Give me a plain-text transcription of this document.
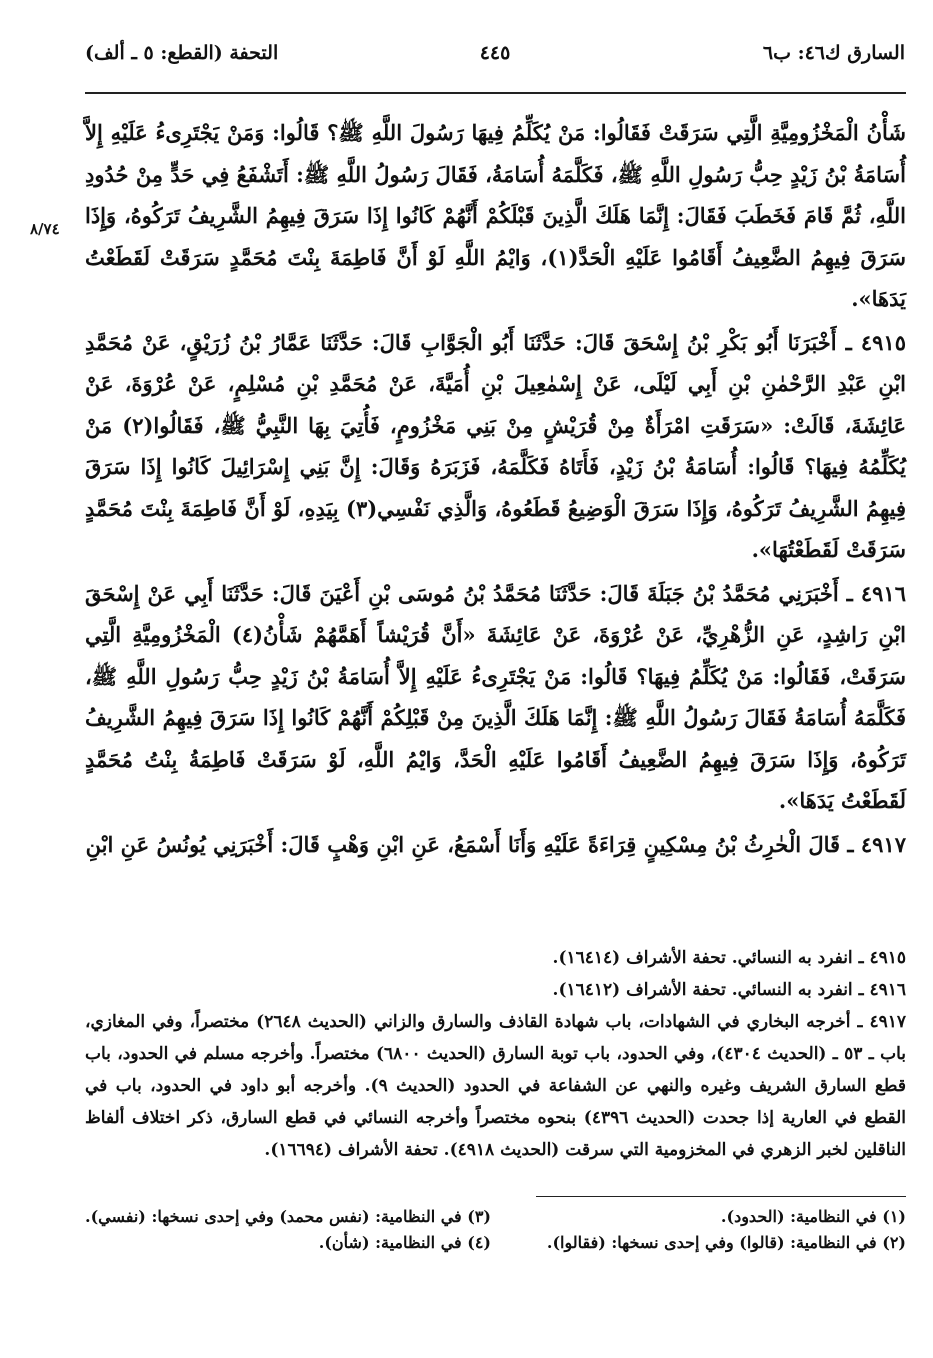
السارق ك٤٦: ب٦
٤٤٥
التحفة (القطع: ٥ ـ ألف)
٨/٧٤

شَأْنُ الْمَخْزُومِيَّةِ الَّتِي سَرَقَتْ فَقَالُوا: مَنْ يُكَلِّمُ فِيهَا رَسُولَ اللَّهِ ﷺ؟ قَالُوا: وَمَنْ يَجْتَرِىءُ عَلَيْهِ إِلاَّ أُسَامَةُ بْنُ زَيْدٍ حِبُّ رَسُولِ اللَّهِ ﷺ، فَكَلَّمَهُ أُسَامَةُ، فَقَالَ رَسُولُ اللَّهِ ﷺ: أَتَشْفَعُ فِي حَدٍّ مِنْ حُدُودِ اللَّهِ، ثُمَّ قَامَ فَخَطَبَ فَقَالَ: إِنَّمَا هَلَكَ الَّذِينَ قَبْلَكُمْ أَنَّهُمْ كَانُوا إِذَا سَرَقَ فِيهِمُ الشَّرِيفُ تَرَكُوهُ، وَإِذَا سَرَقَ فِيهِمُ الضَّعِيفُ أَقَامُوا عَلَيْهِ الْحَدَّ(١)، وَايْمُ اللَّهِ لَوْ أَنَّ فَاطِمَةَ بِنْتَ مُحَمَّدٍ سَرَقَتْ لَقَطَعْتُ يَدَهَا».

٤٩١٥ ـ أَخْبَرَنَا أَبُو بَكْرِ بْنُ إِسْحَقَ قَالَ: حَدَّثَنَا أَبُو الْجَوَّابِ قَالَ: حَدَّثَنَا عَمَّارُ بْنُ زُرَيْقٍ، عَنْ مُحَمَّدِ ابْنِ عَبْدِ الرَّحْمٰنِ بْنِ أَبِي لَيْلَى، عَنْ إِسْمٰعِيلَ بْنِ أُمَيَّةَ، عَنْ مُحَمَّدِ بْنِ مُسْلِمٍ، عَنْ عُرْوَةَ، عَنْ عَائِشَةَ، قَالَتْ: «سَرَقَتِ امْرَأَةٌ مِنْ قُرَيْشٍ مِنْ بَنِي مَخْزُومٍ، فَأُتِيَ بِهَا النَّبِيُّ ﷺ، فَقَالُوا(٢) مَنْ يُكَلِّمُهُ فِيهَا؟ قَالُوا: أُسَامَةُ بْنُ زَيْدٍ، فَأَتَاهُ فَكَلَّمَهُ، فَزَبَرَهُ وَقَالَ: إِنَّ بَنِي إِسْرَائِيلَ كَانُوا إِذَا سَرَقَ فِيهِمُ الشَّرِيفُ تَرَكُوهُ، وَإِذَا سَرَقَ الْوَضِيعُ قَطَعُوهُ، وَالَّذِي نَفْسِي(٣) بِيَدِهِ، لَوْ أَنَّ فَاطِمَةَ بِنْتَ مُحَمَّدٍ سَرَقَتْ لَقَطَعْتُهَا».

٤٩١٦ ـ أَخْبَرَنِي مُحَمَّدُ بْنُ جَبَلَةَ قَالَ: حَدَّثَنَا مُحَمَّدُ بْنُ مُوسَى بْنِ أَعْيَنَ قَالَ: حَدَّثَنَا أَبِي عَنْ إِسْحَقَ ابْنِ رَاشِدٍ، عَنِ الزُّهْرِيِّ، عَنْ عُرْوَةَ، عَنْ عَائِشَةَ «أَنَّ قُرَيْشاً أَهَمَّهُمْ شَأْنُ(٤) الْمَخْزُومِيَّةِ الَّتِي سَرَقَتْ، فَقَالُوا: مَنْ يُكَلِّمُ فِيهَا؟ قَالُوا: مَنْ يَجْتَرِىءُ عَلَيْهِ إِلاَّ أُسَامَةُ بْنُ زَيْدٍ حِبُّ رَسُولِ اللَّهِ ﷺ، فَكَلَّمَهُ أُسَامَةُ فَقَالَ رَسُولُ اللَّهِ ﷺ: إِنَّمَا هَلَكَ الَّذِينَ مِنْ قَبْلِكُمْ أَنَّهُمْ كَانُوا إِذَا سَرَقَ فِيهِمُ الشَّرِيفُ تَرَكُوهُ، وَإِذَا سَرَقَ فِيهِمُ الضَّعِيفُ أَقَامُوا عَلَيْهِ الْحَدَّ، وَايْمُ اللَّهِ، لَوْ سَرَقَتْ فَاطِمَةُ بِنْتُ مُحَمَّدٍ لَقَطَعْتُ يَدَهَا».

٤٩١٧ ـ قَالَ الْحٰرِثُ بْنُ مِسْكِينٍ قِرَاءَةً عَلَيْهِ وَأَنَا أَسْمَعُ، عَنِ ابْنِ وَهْبٍ قَالَ: أَخْبَرَنِي يُونُسُ عَنِ ابْنِ

٤٩١٥ ـ انفرد به النسائي. تحفة الأشراف (١٦٤١٤).

٤٩١٦ ـ انفرد به النسائي. تحفة الأشراف (١٦٤١٢).

٤٩١٧ ـ أخرجه البخاري في الشهادات، باب شهادة القاذف والسارق والزاني (الحديث ٢٦٤٨) مختصراً، وفي المغازي، باب ـ ٥٣ ـ (الحديث ٤٣٠٤)، وفي الحدود، باب توبة السارق (الحديث ٦٨٠٠) مختصراً. وأخرجه مسلم في الحدود، باب قطع السارق الشريف وغيره والنهي عن الشفاعة في الحدود (الحديث ٩). وأخرجه أبو داود في الحدود، باب في القطع في العارية إذا جحدت (الحديث ٤٣٩٦) بنحوه مختصراً وأخرجه النسائي في قطع السارق، ذكر اختلاف ألفاظ الناقلين لخبر الزهري في المخزومية التي سرقت (الحديث ٤٩١٨). تحفة الأشراف (١٦٦٩٤).

(١) في النظامية: (الحدود).
(٣) في النظامية: (نفس محمد) وفي إحدى نسخها: (نفسي).
(٢) في النظامية: (قالوا) وفي إحدى نسخها: (فقالوا).
(٤) في النظامية: (شأن).
